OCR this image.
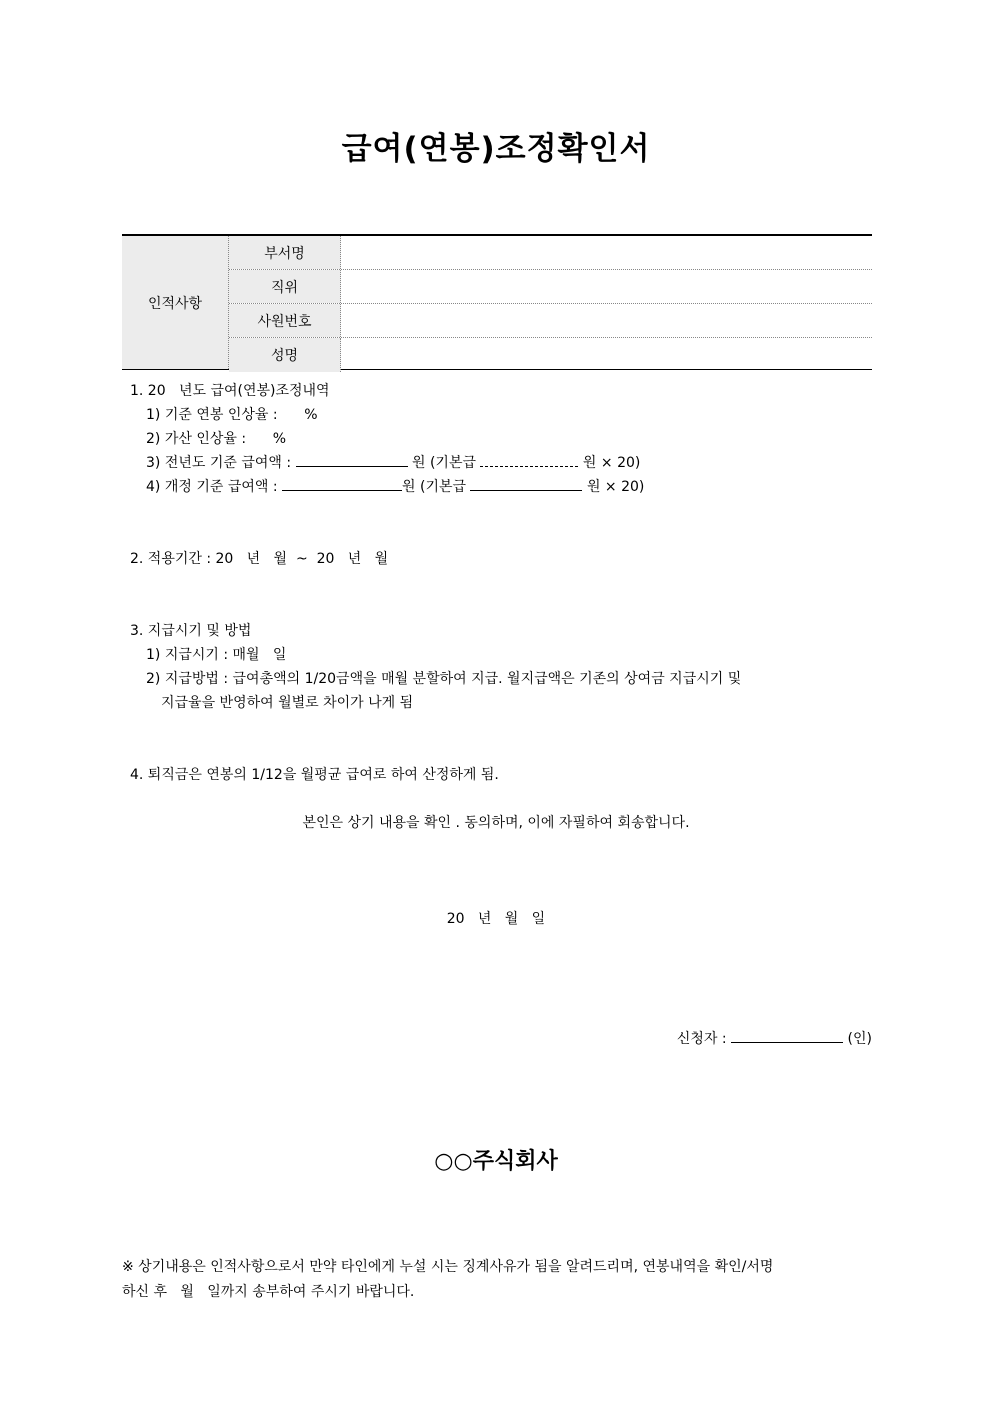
급여(연봉)조정확인서
인적사항
부서명
직위
사원번호
성명
1. 20   년도 급여(연봉)조정내역
1) 기준 연봉 인상율 :      %
2) 가산 인상율 :      %
3) 전년도 기준 급여액 :	원 (기본급	원 × 20)
4) 개정 기준 급여액 :	원 (기본급	원 × 20)
2. 적용기간 : 20   년   월  ~  20   년   월
3. 지급시기 및 방법
1) 지급시기 : 매월   일
2) 지급방법 : 급여총액의 1/20금액을 매월 분할하여 지급. 월지급액은 기존의 상여금 지급시기 및
지급율을 반영하여 월별로 차이가 나게 됨
4. 퇴직금은 연봉의 1/12을 월평균 급여로 하여 산정하게 됨.
본인은 상기 내용을 확인 . 동의하며, 이에 자필하여 회송합니다.
20   년   월   일
신청자 :	(인)
○○주식회사
※ 상기내용은 인적사항으로서 만약 타인에게 누설 시는 징계사유가 됨을 알려드리며, 연봉내역을 확인/서명
하신 후   월   일까지 송부하여 주시기 바랍니다.
